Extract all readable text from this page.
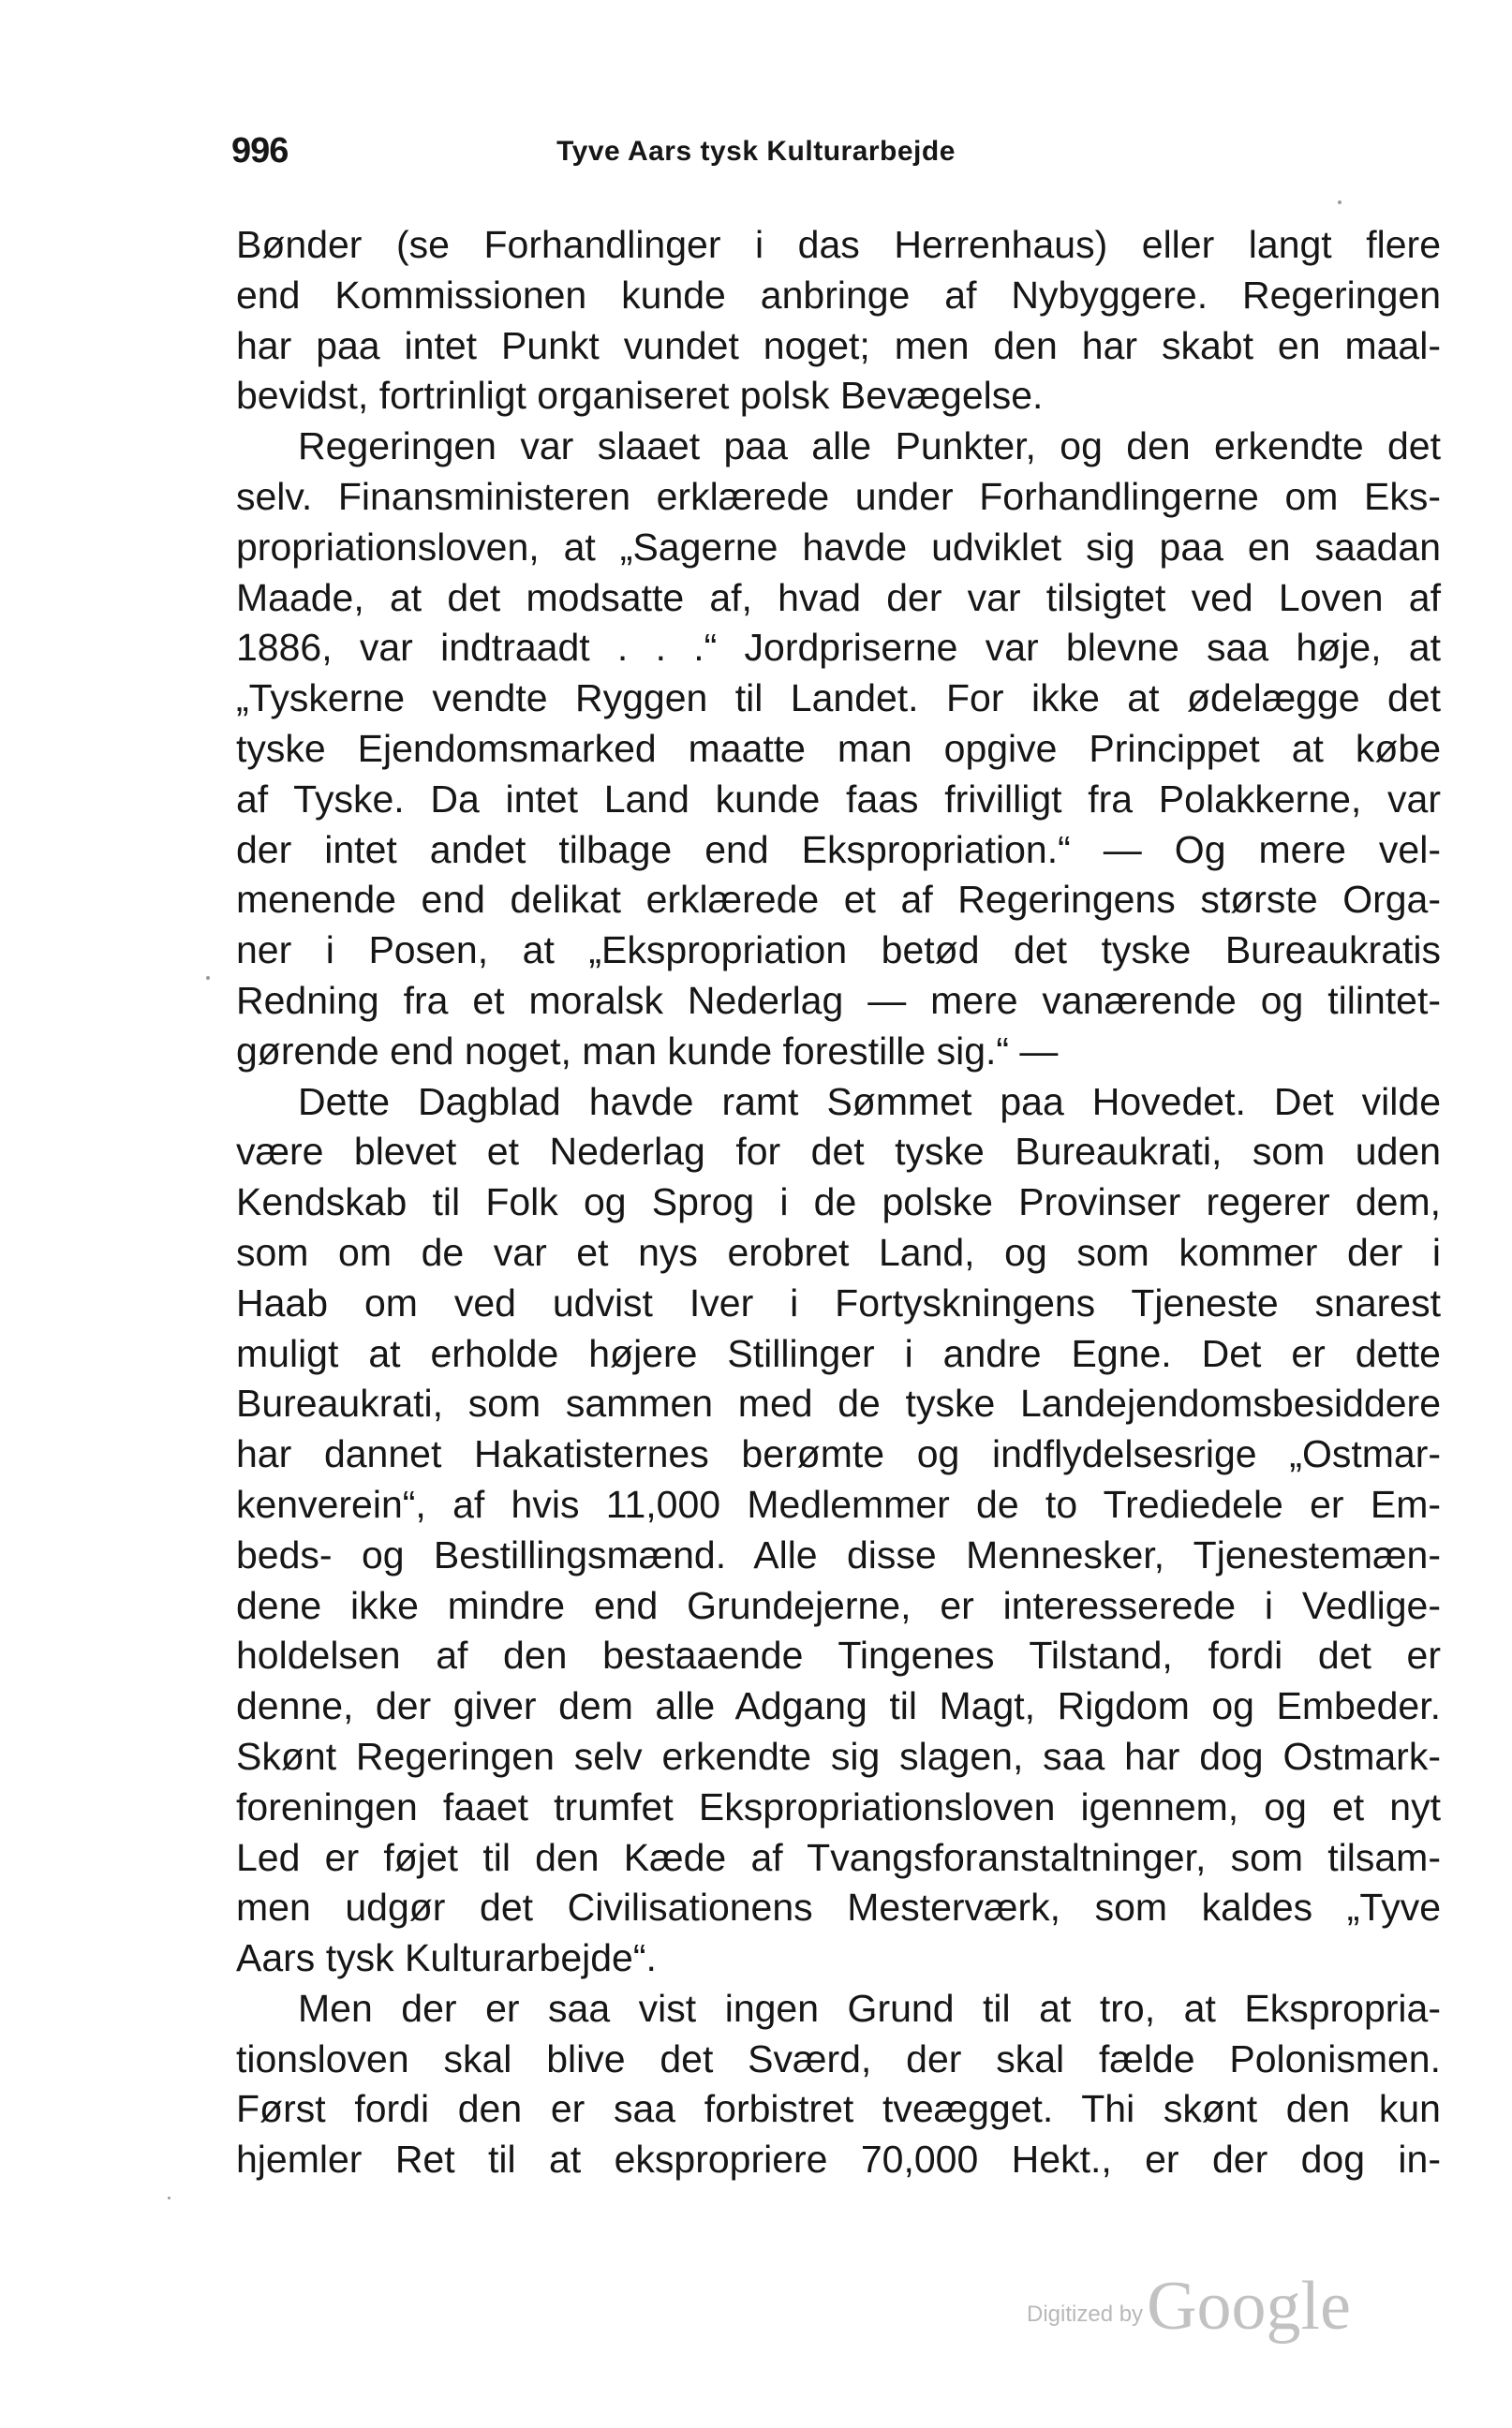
996	Tyve Aars tysk Kulturarbejde
Bønder (se Forhandlinger i das Herrenhaus) eller langt flere
end Kommissionen kunde anbringe af Nybyggere. Regeringen
har paa intet Punkt vundet noget; men den har skabt en maal-
bevidst, fortrinligt organiseret polsk Bevægelse.
Regeringen var slaaet paa alle Punkter, og den erkendte det
selv. Finansministeren erklærede under Forhandlingerne om Eks-
propriationsloven, at „Sagerne havde udviklet sig paa en saadan
Maade, at det modsatte af, hvad der var tilsigtet ved Loven af
1886, var indtraadt . . .“ Jordpriserne var blevne saa høje, at
„Tyskerne vendte Ryggen til Landet. For ikke at ødelægge det
tyske Ejendomsmarked maatte man opgive Princippet at købe
af Tyske. Da intet Land kunde faas frivilligt fra Polakkerne, var
der intet andet tilbage end Ekspropriation.“ — Og mere vel-
menende end delikat erklærede et af Regeringens største Orga-
ner i Posen, at „Ekspropriation betød det tyske Bureaukratis
Redning fra et moralsk Nederlag — mere vanærende og tilintet-
gørende end noget, man kunde forestille sig.“ —
Dette Dagblad havde ramt Sømmet paa Hovedet. Det vilde
være blevet et Nederlag for det tyske Bureaukrati, som uden
Kendskab til Folk og Sprog i de polske Provinser regerer dem,
som om de var et nys erobret Land, og som kommer der i
Haab om ved udvist Iver i Fortyskningens Tjeneste snarest
muligt at erholde højere Stillinger i andre Egne. Det er dette
Bureaukrati, som sammen med de tyske Landejendomsbesiddere
har dannet Hakatisternes berømte og indflydelsesrige „Ostmar-
kenverein“, af hvis 11,000 Medlemmer de to Trediedele er Em-
beds- og Bestillingsmænd. Alle disse Mennesker, Tjenestemæn-
dene ikke mindre end Grundejerne, er interesserede i Vedlige-
holdelsen af den bestaaende Tingenes Tilstand, fordi det er
denne, der giver dem alle Adgang til Magt, Rigdom og Embeder.
Skønt Regeringen selv erkendte sig slagen, saa har dog Ostmark-
foreningen faaet trumfet Ekspropriationsloven igennem, og et nyt
Led er føjet til den Kæde af Tvangsforanstaltninger, som tilsam-
men udgør det Civilisationens Mesterværk, som kaldes „Tyve
Aars tysk Kulturarbejde“.
Men der er saa vist ingen Grund til at tro, at Ekspropria-
tionsloven skal blive det Sværd, der skal fælde Polonismen.
Først fordi den er saa forbistret tveægget. Thi skønt den kun
hjemler Ret til at ekspropriere 70,000 Hekt., er der dog in-
Digitized byGoogle
